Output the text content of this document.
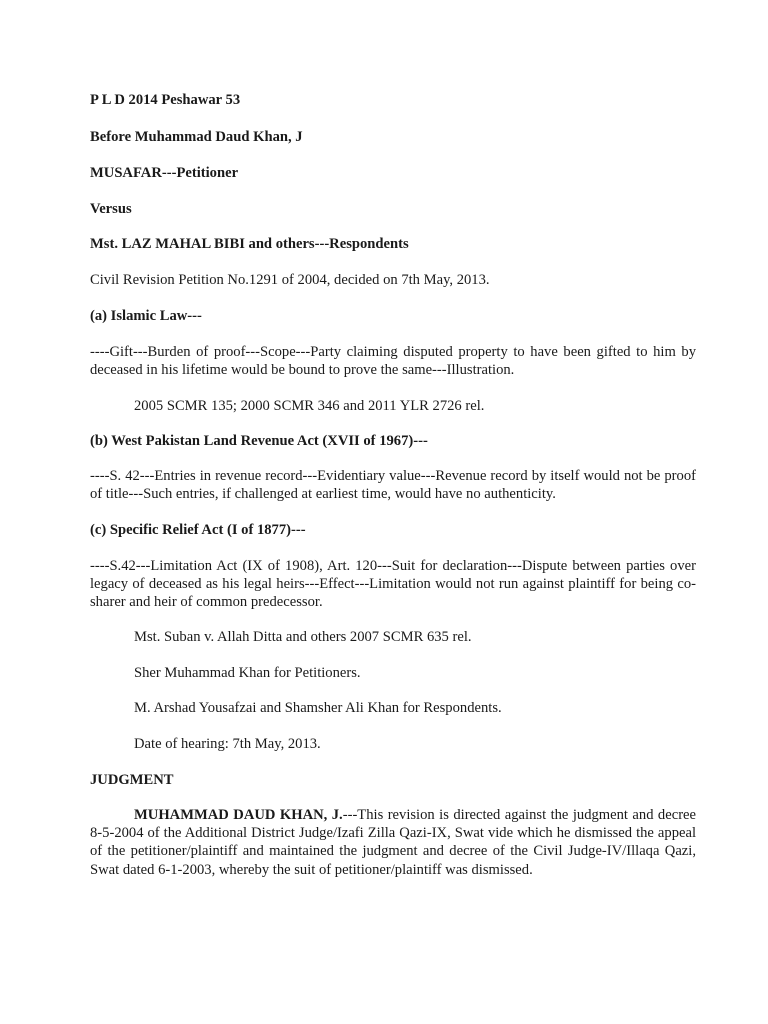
P L D 2014 Peshawar 53
Before Muhammad Daud Khan, J
MUSAFAR---Petitioner
Versus
Mst. LAZ MAHAL BIBI and others---Respondents
Civil Revision Petition No.1291 of 2004, decided on 7th May, 2013.
(a) Islamic Law---
----Gift---Burden of proof---Scope---Party claiming disputed property to have been gifted to him by deceased in his lifetime would be bound to prove the same---Illustration.
2005 SCMR 135; 2000 SCMR 346 and 2011 YLR 2726 rel.
(b) West Pakistan Land Revenue Act (XVII of 1967)---
----S. 42---Entries in revenue record---Evidentiary value---Revenue record by itself would not be proof of title---Such entries, if challenged at earliest time, would have no authenticity.
(c) Specific Relief Act (I of 1877)---
----S.42---Limitation Act (IX of 1908), Art. 120---Suit for declaration---Dispute between parties over legacy of deceased as his legal heirs---Effect---Limitation would not run against plaintiff for being co-sharer and heir of common predecessor.
Mst. Suban v. Allah Ditta and others 2007 SCMR 635 rel.
Sher Muhammad Khan for Petitioners.
M. Arshad Yousafzai and Shamsher Ali Khan for Respondents.
Date of hearing: 7th May, 2013.
JUDGMENT
MUHAMMAD DAUD KHAN, J.---This revision is directed against the judgment and decree 8-5-2004 of the Additional District Judge/Izafi Zilla Qazi-IX, Swat vide which he dismissed the appeal of the petitioner/plaintiff and maintained the judgment and decree of the Civil Judge-IV/Illaqa Qazi, Swat dated 6-1-2003, whereby the suit of petitioner/plaintiff was dismissed.
